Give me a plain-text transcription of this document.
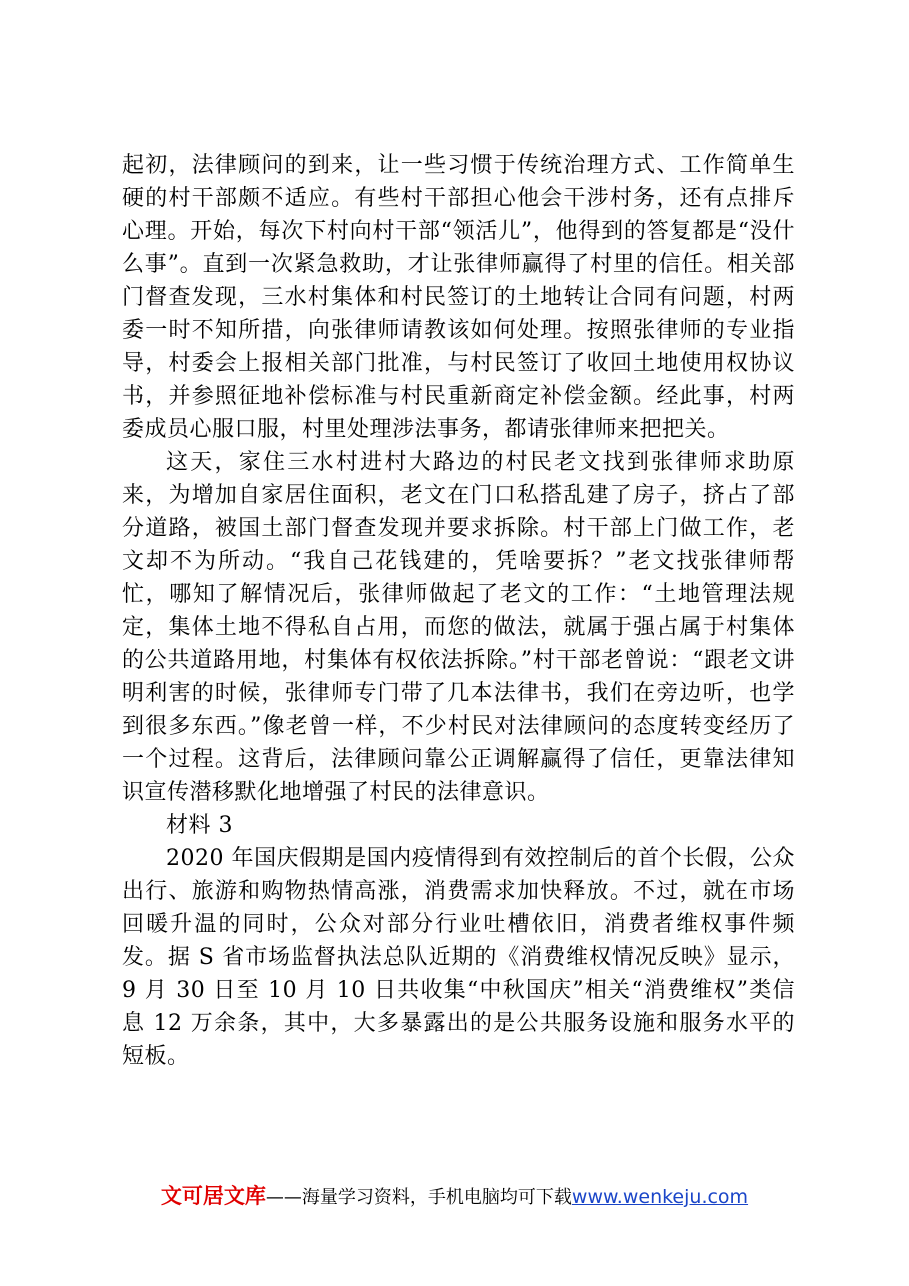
起初，法律顾问的到来，让一些习惯于传统治理方式、工作简单生硬的村干部颇不适应。有些村干部担心他会干涉村务，还有点排斥心理。开始，每次下村向村干部“领活儿”，他得到的答复都是“没什么事”。直到一次紧急救助，才让张律师赢得了村里的信任。相关部门督查发现，三水村集体和村民签订的土地转让合同有问题，村两委一时不知所措，向张律师请教该如何处理。按照张律师的专业指导，村委会上报相关部门批准，与村民签订了收回土地使用权协议书，并参照征地补偿标准与村民重新商定补偿金额。经此事，村两委成员心服口服，村里处理涉法事务，都请张律师来把把关。

这天，家住三水村进村大路边的村民老文找到张律师求助原来，为增加自家居住面积，老文在门口私搭乱建了房子，挤占了部分道路，被国土部门督查发现并要求拆除。村干部上门做工作，老文却不为所动。“我自己花钱建的，凭啥要拆？”老文找张律师帮忙，哪知了解情况后，张律师做起了老文的工作：“土地管理法规定，集体土地不得私自占用，而您的做法，就属于强占属于村集体的公共道路用地，村集体有权依法拆除。”村干部老曾说：“跟老文讲明利害的时候，张律师专门带了几本法律书，我们在旁边听，也学到很多东西。”像老曾一样，不少村民对法律顾问的态度转变经历了一个过程。这背后，法律顾问靠公正调解赢得了信任，更靠法律知识宣传潜移默化地增强了村民的法律意识。

材料 3

2020 年国庆假期是国内疫情得到有效控制后的首个长假，公众出行、旅游和购物热情高涨，消费需求加快释放。不过，就在市场回暖升温的同时，公众对部分行业吐槽依旧，消费者维权事件频发。据 S 省市场监督执法总队近期的《消费维权情况反映》显示，9 月 30 日至 10 月 10 日共收集“中秋国庆”相关“消费维权”类信息 12 万余条，其中，大多暴露出的是公共服务设施和服务水平的短板。

文可居文库——海量学习资料，手机电脑均可下载www.wenkeju.com
